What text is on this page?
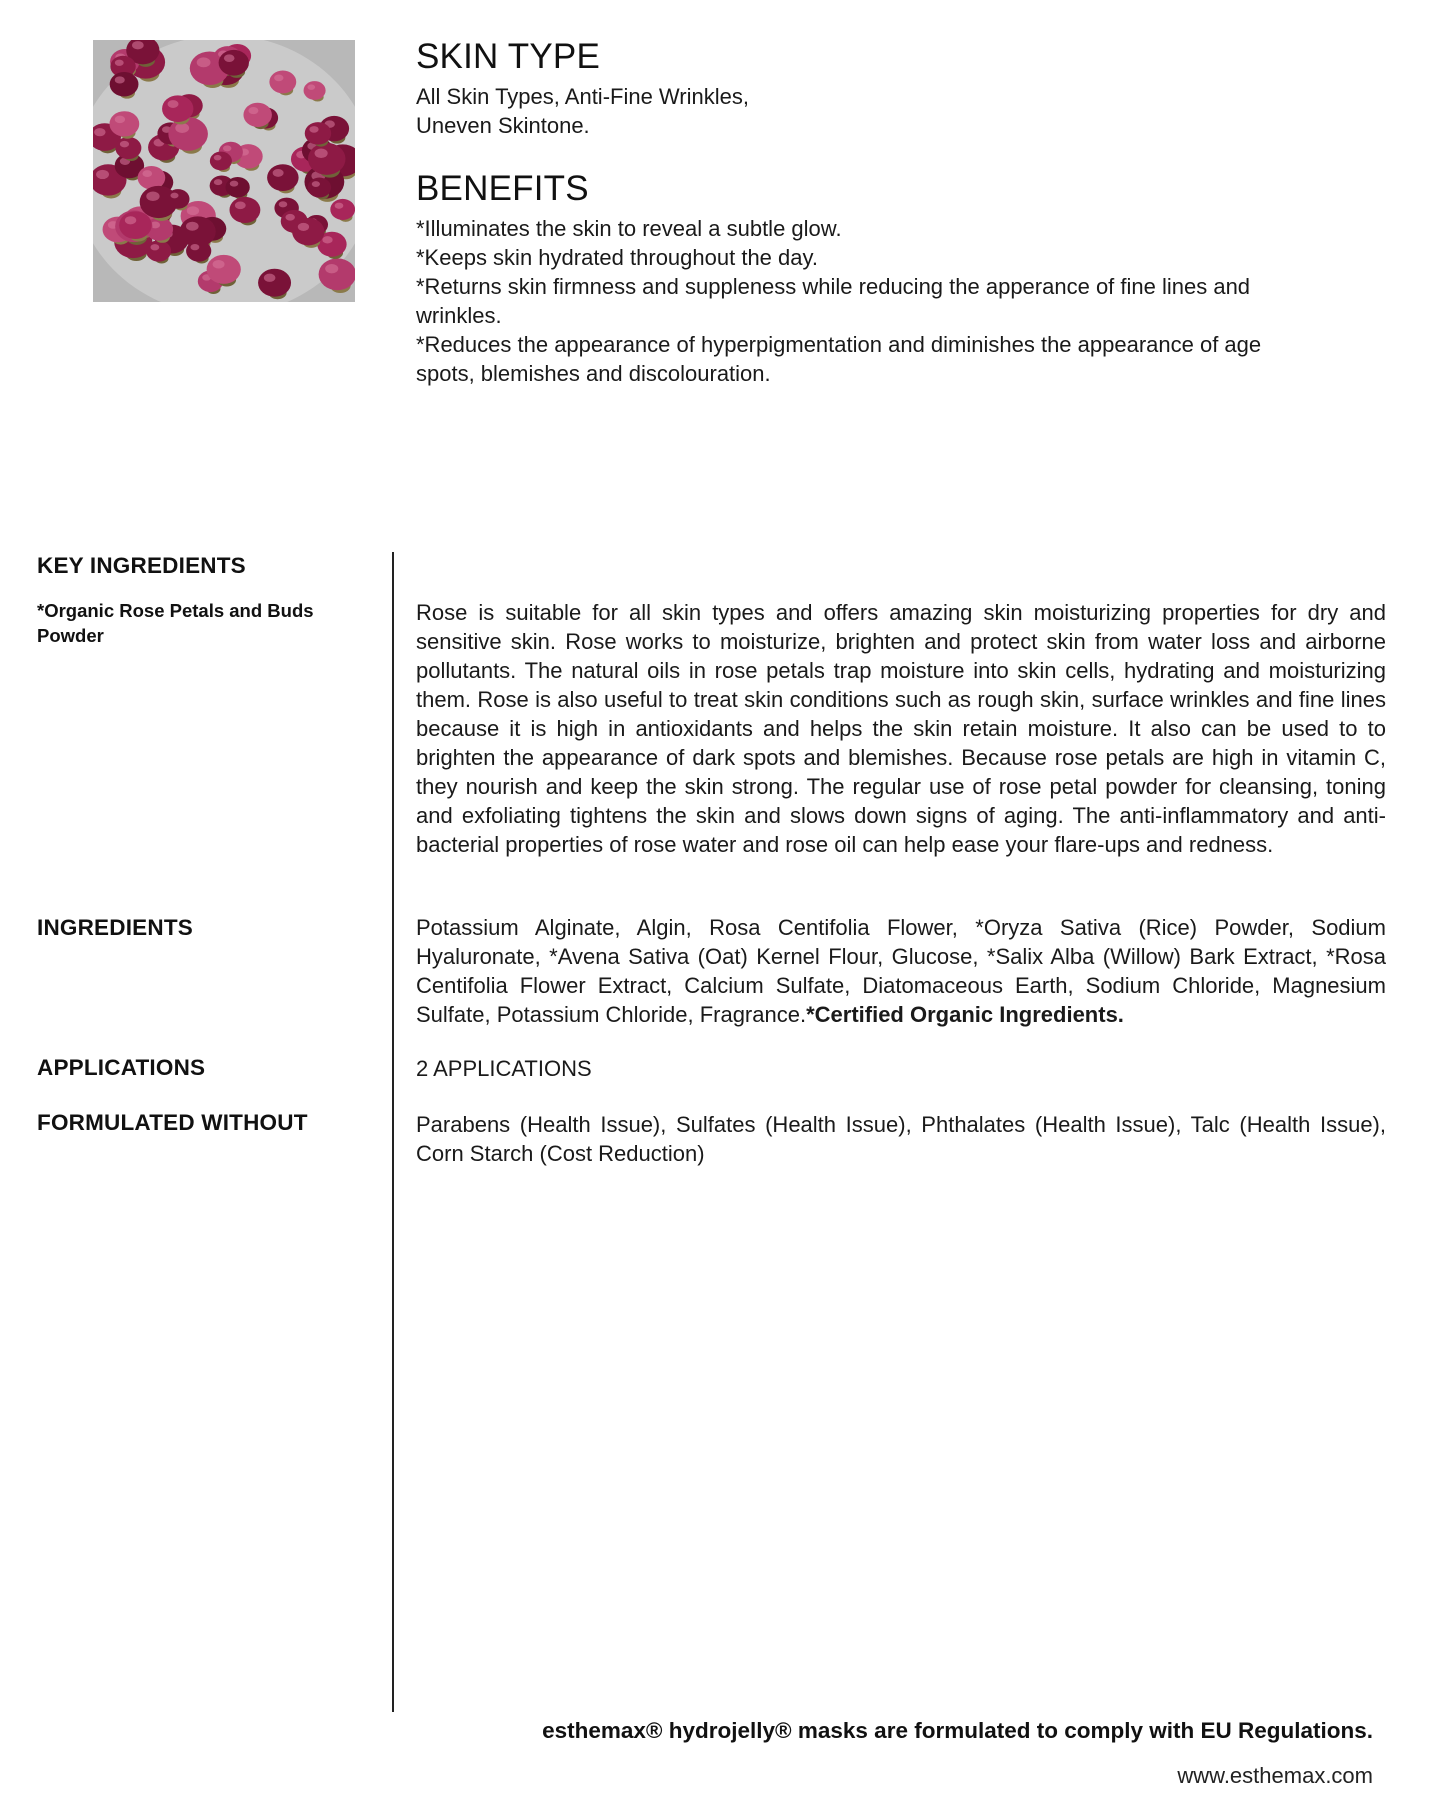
SKIN TYPE
All Skin Types, Anti-Fine Wrinkles,
Uneven Skintone.
BENEFITS
*Illuminates the skin to reveal a subtle glow.
*Keeps skin hydrated throughout the day.
*Returns skin firmness and suppleness while reducing the apperance of fine lines and
wrinkles.
*Reduces the appearance of hyperpigmentation and diminishes the appearance of age
spots, blemishes and discolouration.
KEY INGREDIENTS
*Organic Rose Petals and Buds Powder
Rose is suitable for all skin types and offers amazing skin moisturizing properties for dry and sensitive skin. Rose works to moisturize, brighten and protect skin from water loss and airborne pollutants. The natural oils in rose petals trap moisture into skin cells, hydrating and moisturizing them. Rose is also useful to treat skin conditions such as rough skin, surface wrinkles and fine lines because it is high in antioxidants and helps the skin retain moisture. It also can be used to to brighten the appearance of dark spots and blemishes. Because rose petals are high in vitamin C, they nourish and keep the skin strong. The regular use of rose petal powder for cleansing, toning and exfoliating tightens the skin and slows down signs of aging. The anti-inflammatory and anti-bacterial properties of rose water and rose oil can help ease your flare-ups and redness.
INGREDIENTS	Potassium Alginate, Algin, Rosa Centifolia Flower, *Oryza Sativa (Rice) Powder, Sodium Hyaluronate, *Avena Sativa (Oat) Kernel Flour, Glucose, *Salix Alba (Willow) Bark Extract, *Rosa Centifolia Flower Extract, Calcium Sulfate, Diatomaceous Earth, Sodium Chloride, Magnesium Sulfate, Potassium Chloride, Fragrance.*Certified Organic Ingredients.
APPLICATIONS	2 APPLICATIONS
FORMULATED WITHOUT	Parabens (Health Issue), Sulfates (Health Issue), Phthalates (Health Issue), Talc (Health Issue), Corn Starch (Cost Reduction)
esthemax® hydrojelly® masks are formulated to comply with EU Regulations.
www.esthemax.com
